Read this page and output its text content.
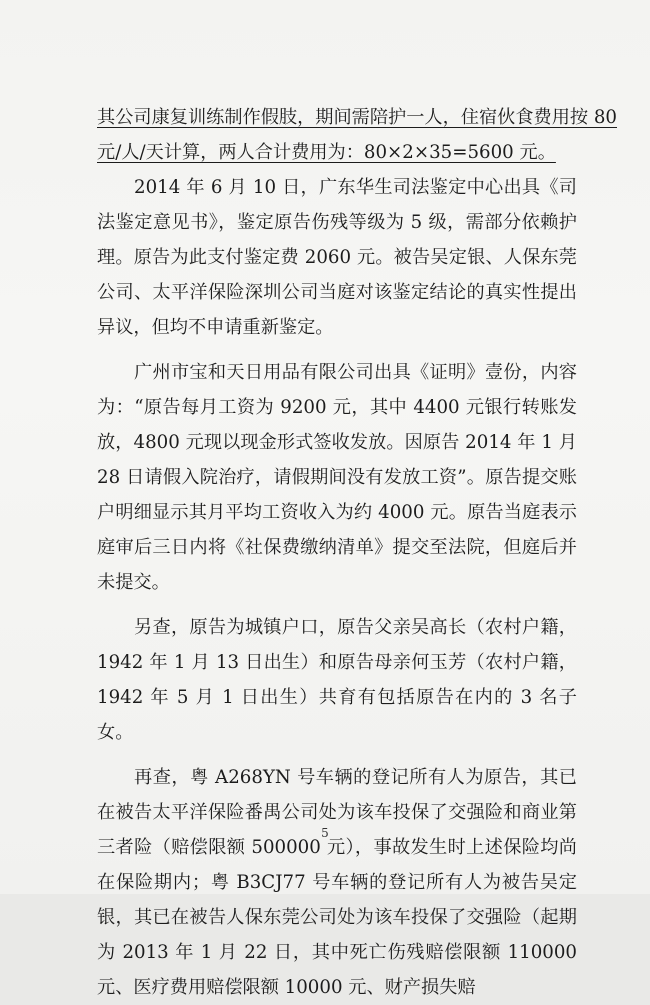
其公司康复训练制作假肢，期间需陪护一人，住宿伙食费用按 80
元/人/天计算，两人合计费用为：80×2×35=5600 元。

2014 年 6 月 10 日，广东华生司法鉴定中心出具《司法鉴定意见书》，鉴定原告伤残等级为 5 级，需部分依赖护理。原告为此支付鉴定费 2060 元。被告吴定银、人保东莞公司、太平洋保险深圳公司当庭对该鉴定结论的真实性提出异议，但均不申请重新鉴定。

广州市宝和天日用品有限公司出具《证明》壹份，内容为：“原告每月工资为 9200 元，其中 4400 元银行转账发放，4800 元现以现金形式签收发放。因原告 2014 年 1 月 28 日请假入院治疗，请假期间没有发放工资”。原告提交账户明细显示其月平均工资收入为约 4000 元。原告当庭表示庭审后三日内将《社保费缴纳清单》提交至法院，但庭后并未提交。

另查，原告为城镇户口，原告父亲吴高长（农村户籍，1942 年 1 月 13 日出生）和原告母亲何玉芳（农村户籍，1942 年 5 月 1 日出生）共育有包括原告在内的 3 名子女。

再查，粤 A268YN 号车辆的登记所有人为原告，其已在被告太平洋保险番禺公司处为该车投保了交强险和商业第三者险（赔偿限额 500000 元），事故发生时上述保险均尚在保险期内；粤 B3CJ77 号车辆的登记所有人为被告吴定银，其已在被告人保东莞公司处为该车投保了交强险（起期为 2013 年 1 月 22 日，其中死亡伤残赔偿限额 110000 元、医疗费用赔偿限额 10000 元、财产损失赔

5
